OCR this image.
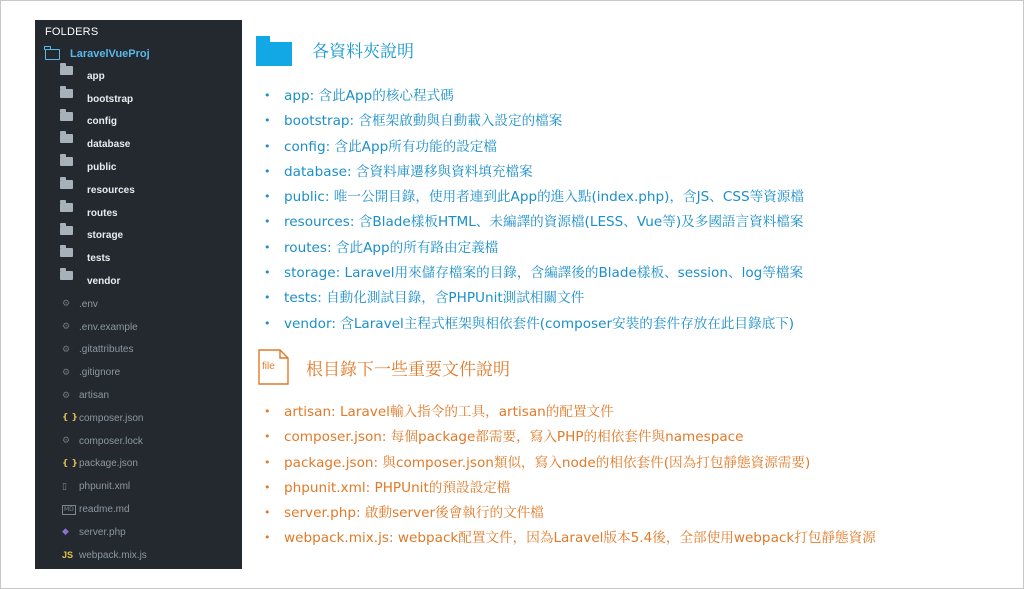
FOLDERS
LaravelVueProj
app
bootstrap
config
database
public
resources
routes
storage
tests
vendor
⚙ .env
⚙ .env.example
⚙ .gitattributes
⚙ .gitignore
⚙ artisan
{ } composer.json
⚙ composer.lock
{ } package.json
▯ phpunit.xml
MD readme.md
◆ server.php
JS webpack.mix.js
各資料夾說明
• app: 含此App的核心程式碼
• bootstrap: 含框架啟動與自動載入設定的檔案
• config: 含此App所有功能的設定檔
• database: 含資料庫遷移與資料填充檔案
• public: 唯一公開目錄，使用者連到此App的進入點(index.php)，含JS、CSS等資源檔
• resources: 含Blade樣板HTML、未編譯的資源檔(LESS、Vue等)及多國語言資料檔案
• routes: 含此App的所有路由定義檔
• storage: Laravel用來儲存檔案的目錄，含編譯後的Blade樣板、session、log等檔案
• tests: 自動化測試目錄，含PHPUnit測試相關文件
• vendor: 含Laravel主程式框架與相依套件(composer安裝的套件存放在此目錄底下)
file 根目錄下一些重要文件說明
• artisan: Laravel輸入指令的工具，artisan的配置文件
• composer.json: 每個package都需要，寫入PHP的相依套件與namespace
• package.json: 與composer.json類似，寫入node的相依套件(因為打包靜態資源需要)
• phpunit.xml: PHPUnit的預設設定檔
• server.php: 啟動server後會執行的文件檔
• webpack.mix.js: webpack配置文件，因為Laravel版本5.4後，全部使用webpack打包靜態資源
